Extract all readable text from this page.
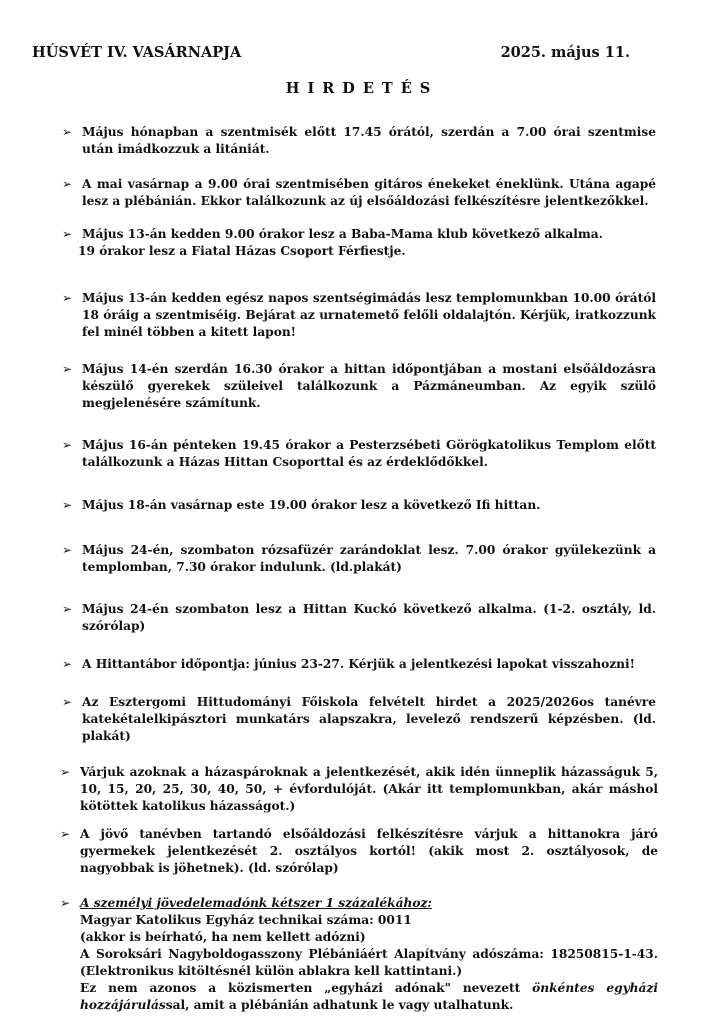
HÚSVÉT IV. VASÁRNAPJA	2025. május 11.
HIRDETÉS
➢ Május hónapban a szentmisék előtt 17.45 órától, szerdán a 7.00 órai szentmise után imádkozzuk a litániát.
➢ A mai vasárnap a 9.00 órai szentmisében gitáros énekeket éneklünk. Utána agapé lesz a plébánián. Ekkor találkozunk az új elsőáldozási felkészítésre jelentkezőkkel.
➢ Május 13-án kedden 9.00 órakor lesz a Baba-Mama klub következő alkalma.
19 órakor lesz a Fiatal Házas Csoport Férfiestje.
➢ Május 13-án kedden egész napos szentségimádás lesz templomunkban 10.00 órától 18 óráig a szentmiséig. Bejárat az urnatemető felőli oldalajtón. Kérjük, iratkozzunk fel minél többen a kitett lapon!
➢ Május 14-én szerdán 16.30 órakor a hittan időpontjában a mostani elsőáldozásra készülő gyerekek szüleivel találkozunk a Pázmáneumban. Az egyik szülő megjelenésére számítunk.
➢ Május 16-án pénteken 19.45 órakor a Pesterzsébeti Görögkatolikus Templom előtt találkozunk a Házas Hittan Csoporttal és az érdeklődőkkel.
➢ Május 18-án vasárnap este 19.00 órakor lesz a következő Ifi hittan.
➢ Május 24-én, szombaton rózsafüzér zarándoklat lesz. 7.00 órakor gyülekezünk a templomban, 7.30 órakor indulunk. (ld.plakát)
➢ Május 24-én szombaton lesz a Hittan Kuckó következő alkalma. (1-2. osztály, ld. szórólap)
➢ A Hittantábor időpontja: június 23-27. Kérjük a jelentkezési lapokat visszahozni!
➢ Az Esztergomi Hittudományi Főiskola felvételt hirdet a 2025/2026os tanévre katekétalelkipásztori munkatárs alapszakra, levelező rendszerű képzésben. (ld. plakát)
➢ Várjuk azoknak a házaspároknak a jelentkezését, akik idén ünneplik házasságuk 5, 10, 15, 20, 25, 30, 40, 50, + évfordulóját. (Akár itt templomunkban, akár máshol kötöttek katolikus házasságot.)
➢ A jövő tanévben tartandó elsőáldozási felkészítésre várjuk a hittanokra járó gyermekek jelentkezését 2. osztályos kortól! (akik most 2. osztályosok, de nagyobbak is jöhetnek). (ld. szórólap)
➢ A személyi jövedelemadónk kétszer 1 százalékához:
Magyar Katolikus Egyház technikai száma: 0011
(akkor is beírható, ha nem kellett adózni)
A Soroksári Nagyboldogasszony Plébániáért Alapítvány adószáma: 18250815-1-43. (Elektronikus kitöltésnél külön ablakra kell kattintani.)
Ez nem azonos a közismerten „egyházi adónak" nevezett önkéntes egyházi hozzájárulással, amit a plébánián adhatunk le vagy utalhatunk.
